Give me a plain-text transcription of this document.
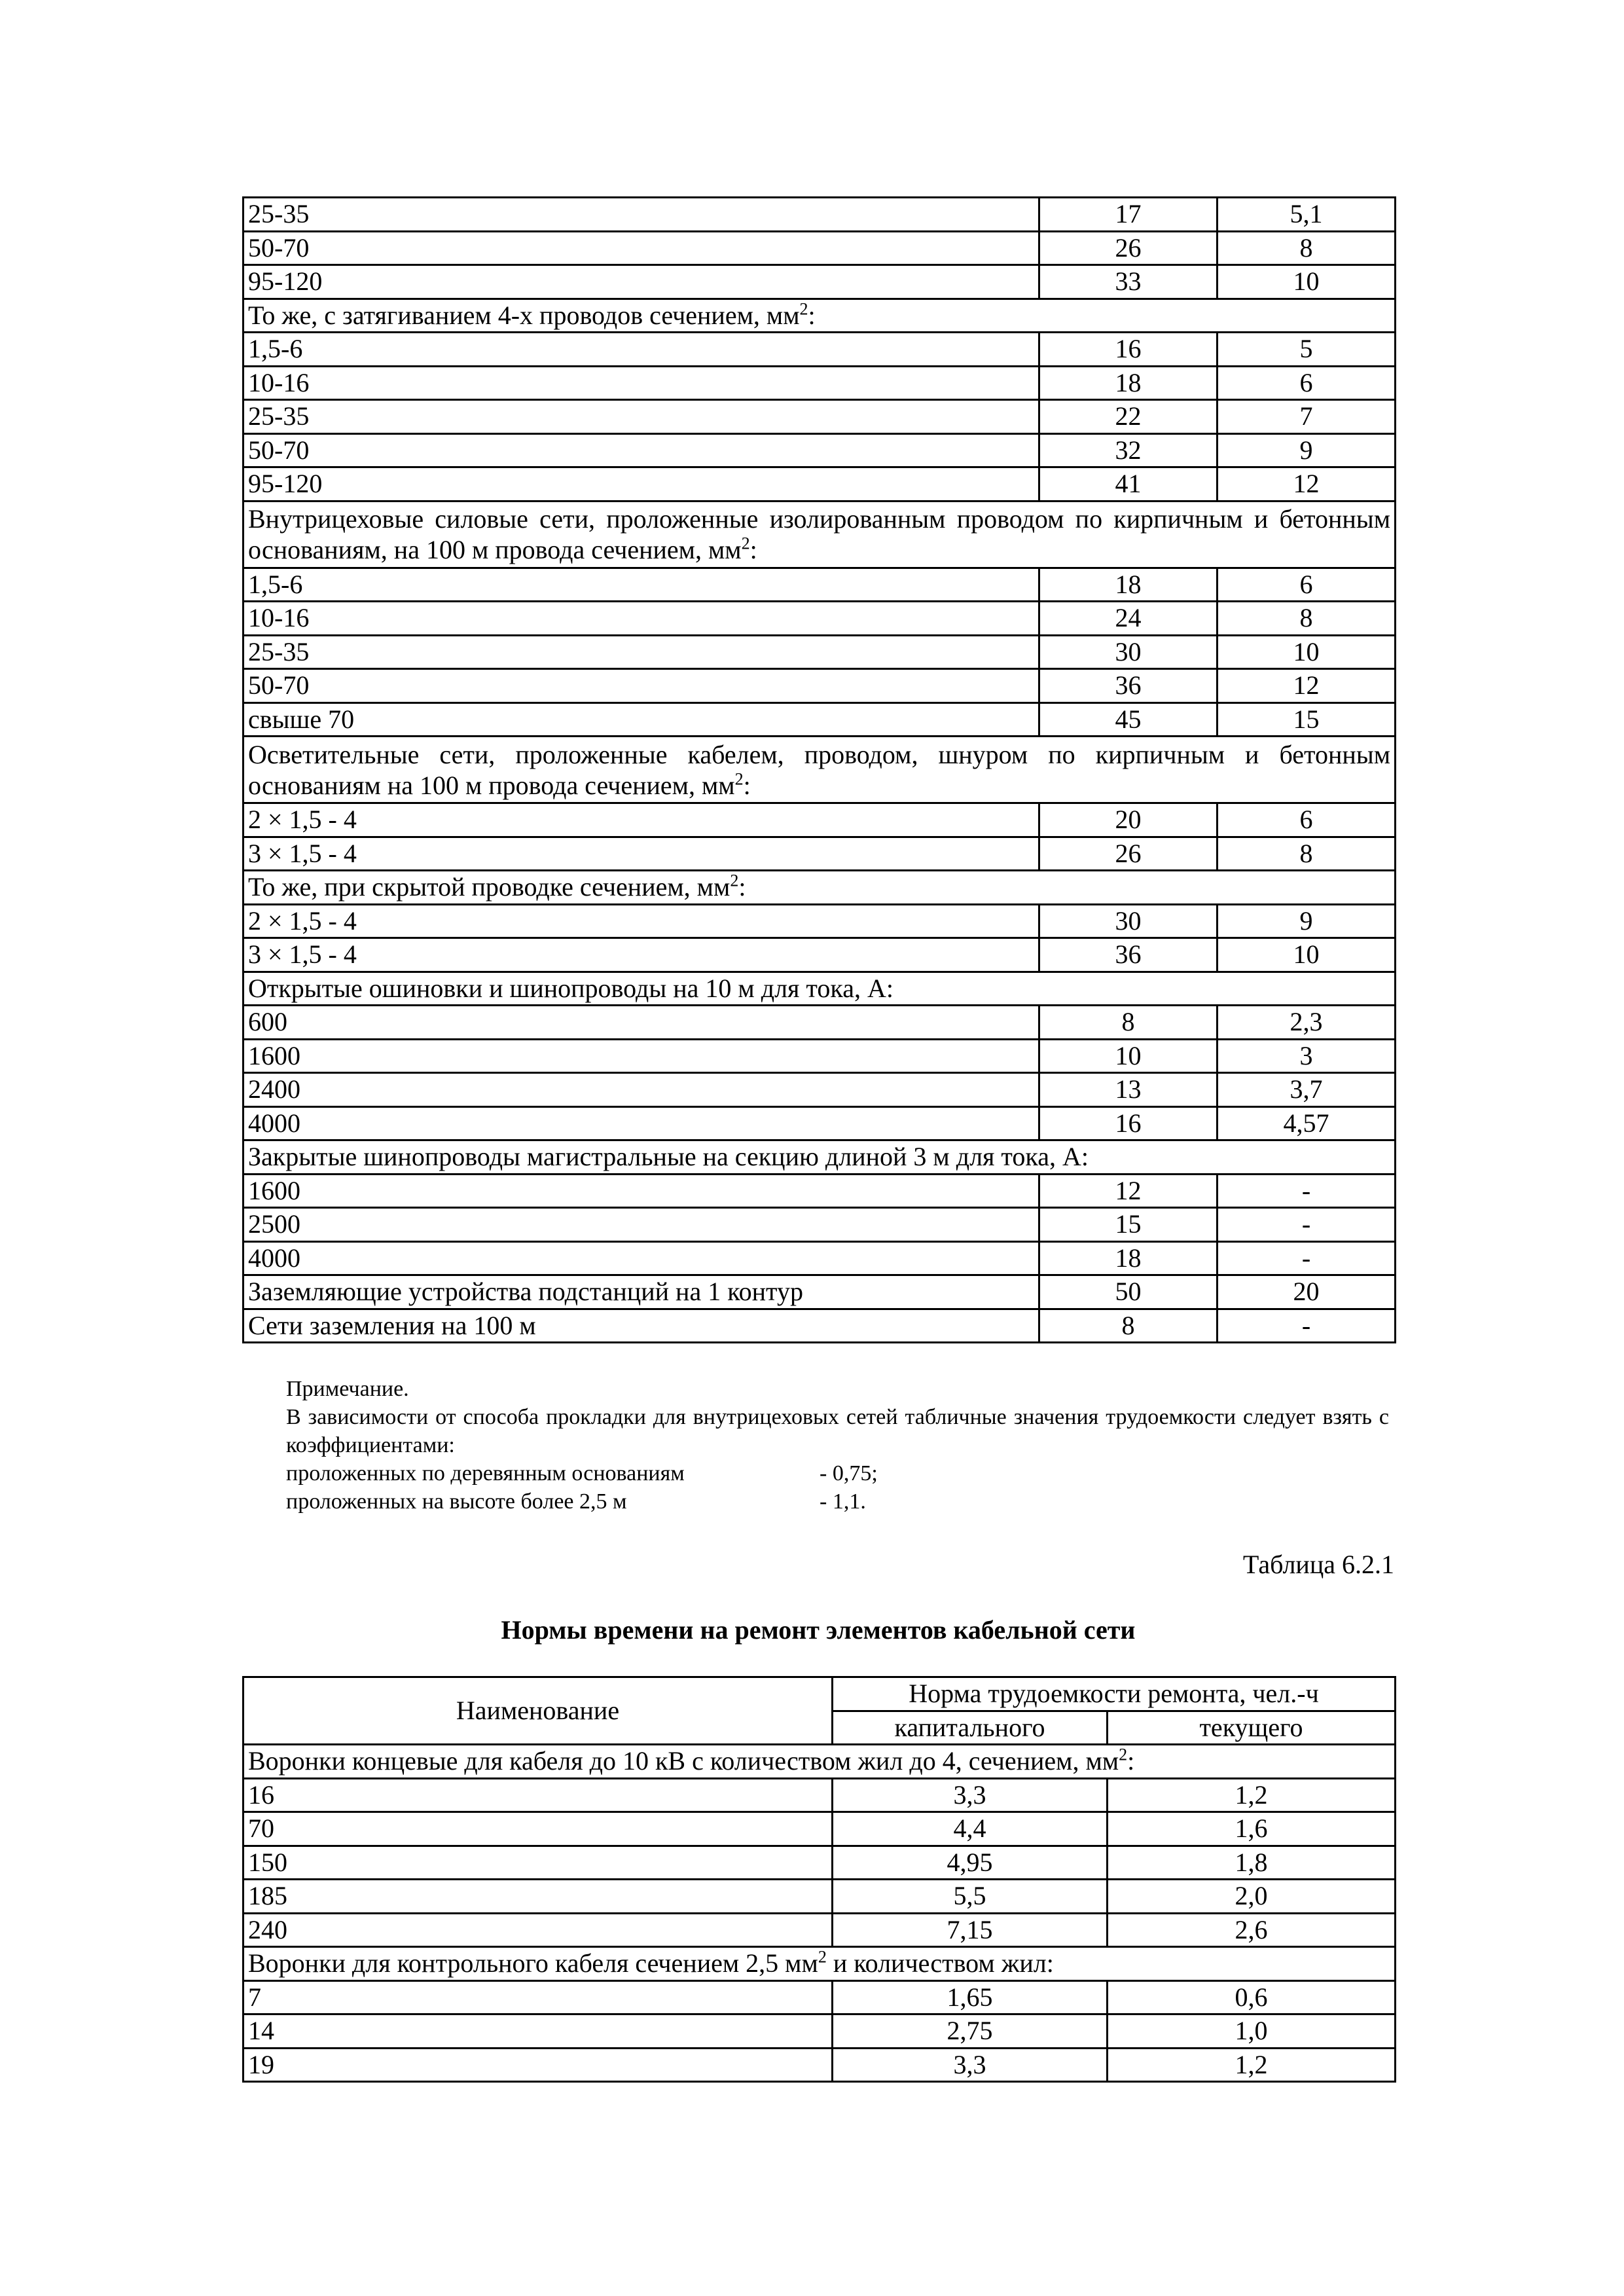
25-35	17	5,1
50-70	26	8
95-120	33	10
То же, с затягиванием 4-х проводов сечением, $мм^2$:		
1,5-6	16	5
10-16	18	6
25-35	22	7
50-70	32	9
95-120	41	12
Внутрицеховые силовые сети, проложенные изолированным проводом по кирпичным и бетонным основаниям, на 100 м провода сечением, $мм^2$:		
1,5-6	18	6
10-16	24	8
25-35	30	10
50-70	36	12
свыше 70	45	15
Осветительные сети, проложенные кабелем, проводом, шнуром по кирпичным и бетонным основаниям на 100 м провода сечением, $мм^2$:		
2 × 1,5 - 4	20	6
3 × 1,5 - 4	26	8
То же, при скрытой проводке сечением, $мм^2$:		
2 × 1,5 - 4	30	9
3 × 1,5 - 4	36	10
Открытые ошиновки и шинопроводы на 10 м для тока, А:		
600	8	2,3
1600	10	3
2400	13	3,7
4000	16	4,57
Закрытые шинопроводы магистральные на секцию длиной 3 м для тока, А:		
1600	12	-
2500	15	-
4000	18	-
Заземляющие устройства подстанций на 1 контур	50	20
Сети заземления на 100 м	8	-

Примечание.

В зависимости от способа прокладки для внутрицеховых сетей табличные значения трудоемкости следует взять с коэффициентами:

проложенных по деревянным основаниям	- 0,75;
проложенных на высоте более 2,5 м	- 1,1.
Таблица 6.2.1
Нормы времени на ремонт элементов кабельной сети
Наименование	Норма трудоемкости ремонта, чел.-ч	
	капитального	текущего
Воронки концевые для кабеля до 10 кВ с количеством жил до 4, сечением, $мм^2$:		
16	3,3	1,2
70	4,4	1,6
150	4,95	1,8
185	5,5	2,0
240	7,15	2,6
Воронки для контрольного кабеля сечением 2,5 $мм^2$ и количеством жил:		
7	1,65	0,6
14	2,75	1,0
19	3,3	1,2
